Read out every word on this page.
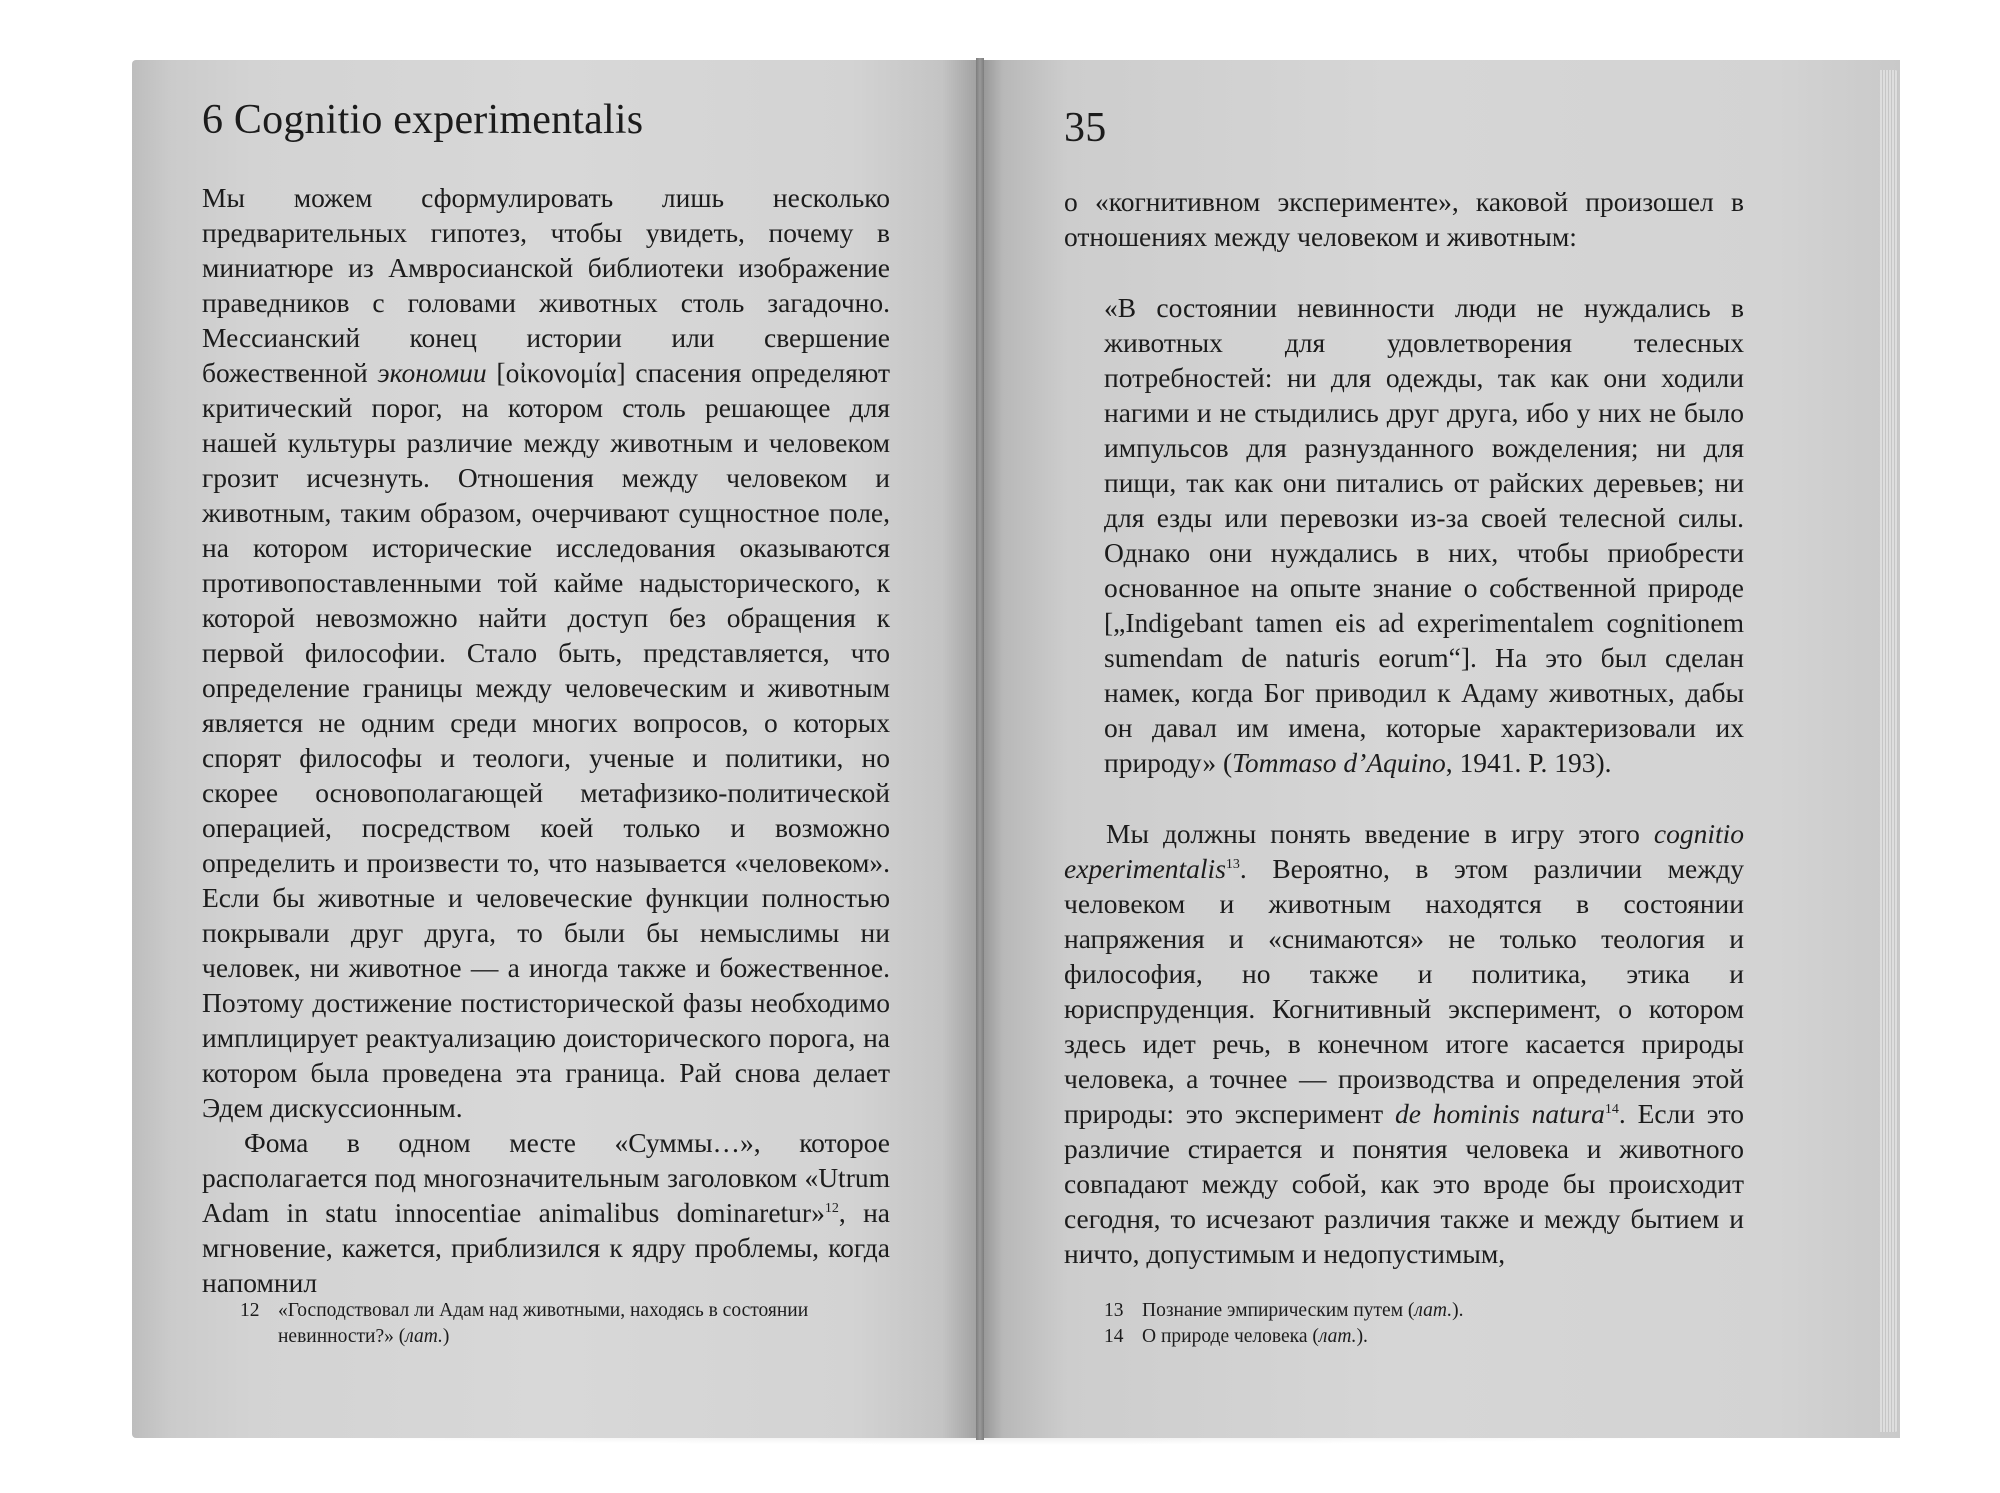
6 Cognitio experimentalis

Мы можем сформулировать лишь несколько предварительных гипотез, чтобы увидеть, почему в миниатюре из Амвросианской библиотеки изображение праведников с головами животных столь загадочно. Мессианский конец истории или свершение божественной экономии [οἰκονομία] спасения определяют критический порог, на котором столь решающее для нашей культуры различие между животным и человеком грозит исчезнуть. Отношения между человеком и животным, таким образом, очерчивают сущностное поле, на котором исторические исследования оказываются противопоставленными той кайме надысторического, к которой невозможно найти доступ без обращения к первой философии. Стало быть, представляется, что определение границы между человеческим и животным является не одним среди многих вопросов, о которых спорят философы и теологи, ученые и политики, но скорее основополагающей метафизико-политической операцией, посредством коей только и возможно определить и произвести то, что называется «человеком». Если бы животные и человеческие функции полностью покрывали друг друга, то были бы немыслимы ни человек, ни животное — а иногда также и божественное. Поэтому достижение постисторической фазы необходимо имплицирует реактуализацию доисторического порога, на котором была проведена эта граница. Рай снова делает Эдем дискуссионным.

Фома в одном месте «Суммы…», которое располагается под многозначительным заголовком «Utrum Adam in statu innocentiae animalibus dominaretur»$^{12}$, на мгновение, кажется, приблизился к ядру проблемы, когда напомнил

12 «Господствовал ли Адам над животными, находясь в состоянии невинности?» (лат.)
35

о «когнитивном эксперименте», каковой произошел в отношениях между человеком и животным:

«В состоянии невинности люди не нуждались в животных для удовлетворения телесных потребностей: ни для одежды, так как они ходили нагими и не стыдились друг друга, ибо у них не было импульсов для разнузданного вожделения; ни для пищи, так как они питались от райских деревьев; ни для езды или перевозки из-за своей телесной силы. Однако они нуждались в них, чтобы приобрести основанное на опыте знание о собственной природе [„Indigebant tamen eis ad experimentalem cognitionem sumendam de naturis eorum“]. На это был сделан намек, когда Бог приводил к Адаму животных, дабы он давал им имена, которые характеризовали их природу» (Tommaso d’Aquino, 1941. P. 193).

Мы должны понять введение в игру этого cognitio experimentalis$^{13}$. Вероятно, в этом различии между человеком и животным находятся в состоянии напряжения и «снимаются» не только теология и философия, но также и политика, этика и юриспруденция. Когнитивный эксперимент, о котором здесь идет речь, в конечном итоге касается природы человека, а точнее — производства и определения этой природы: это эксперимент de hominis natura$^{14}$. Если это различие стирается и понятия человека и животного совпадают между собой, как это вроде бы происходит сегодня, то исчезают различия также и между бытием и ничто, допустимым и недопустимым,

13 Познание эмпирическим путем (лат.).
14 О природе человека (лат.).
